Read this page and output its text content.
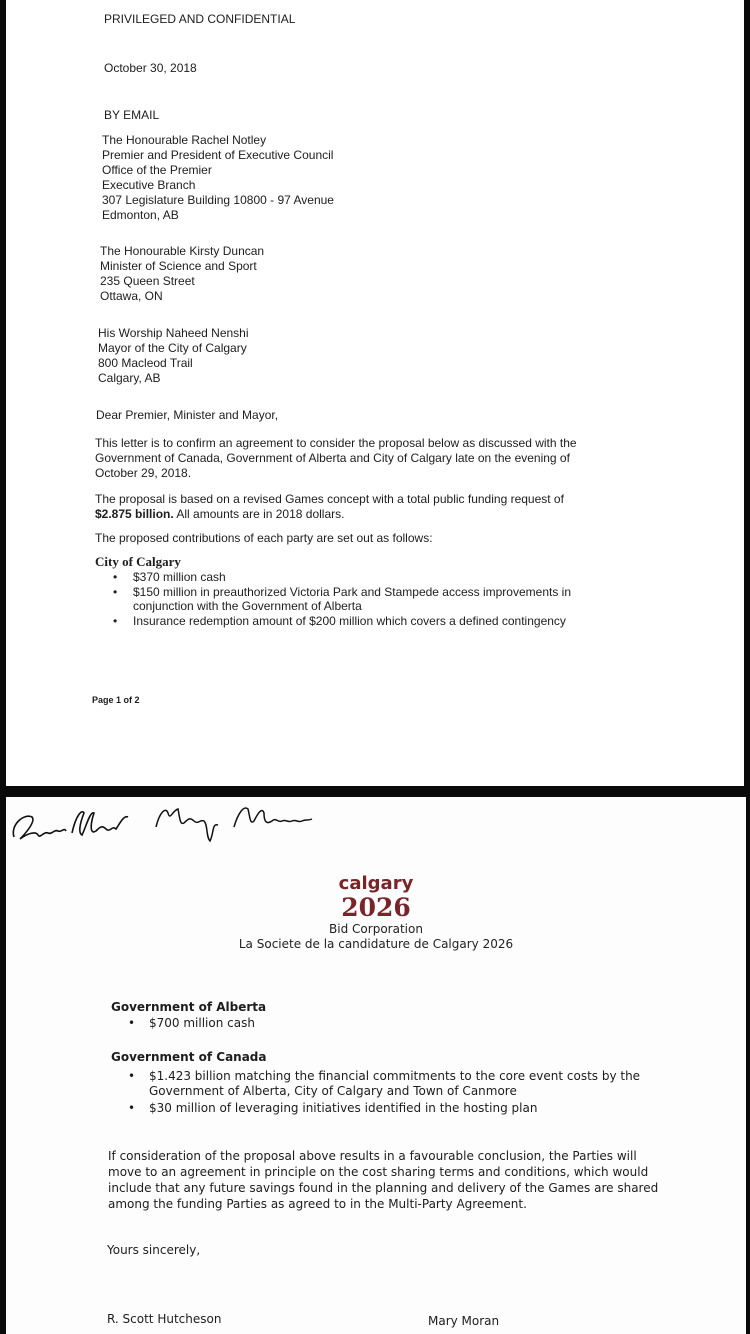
PRIVILEGED AND CONFIDENTIAL
October 30, 2018
BY EMAIL
The Honourable Rachel Notley
Premier and President of Executive Council
Office of the Premier
Executive Branch
307 Legislature Building 10800 - 97 Avenue
Edmonton, AB
The Honourable Kirsty Duncan
Minister of Science and Sport
235 Queen Street
Ottawa, ON
His Worship Naheed Nenshi
Mayor of the City of Calgary
800 Macleod Trail
Calgary, AB
Dear Premier, Minister and Mayor,
This letter is to confirm an agreement to consider the proposal below as discussed with the
Government of Canada, Government of Alberta and City of Calgary late on the evening of
October 29, 2018.
The proposal is based on a revised Games concept with a total public funding request of
$2.875 billion. All amounts are in 2018 dollars.
The proposed contributions of each party are set out as follows:
City of Calgary
• $370 million cash
• $150 million in preauthorized Victoria Park and Stampede access improvements in
conjunction with the Government of Alberta
• Insurance redemption amount of $200 million which covers a defined contingency
Page 1 of 2
calgary
2026
Bid Corporation
La Societe de la candidature de Calgary 2026
Government of Alberta
• $700 million cash
Government of Canada
• $1.423 billion matching the financial commitments to the core event costs by the
Government of Alberta, City of Calgary and Town of Canmore
• $30 million of leveraging initiatives identified in the hosting plan
If consideration of the proposal above results in a favourable conclusion, the Parties will
move to an agreement in principle on the cost sharing terms and conditions, which would
include that any future savings found in the planning and delivery of the Games are shared
among the funding Parties as agreed to in the Multi-Party Agreement.
Yours sincerely,

R. Scott Hutcheson	Mary Moran
